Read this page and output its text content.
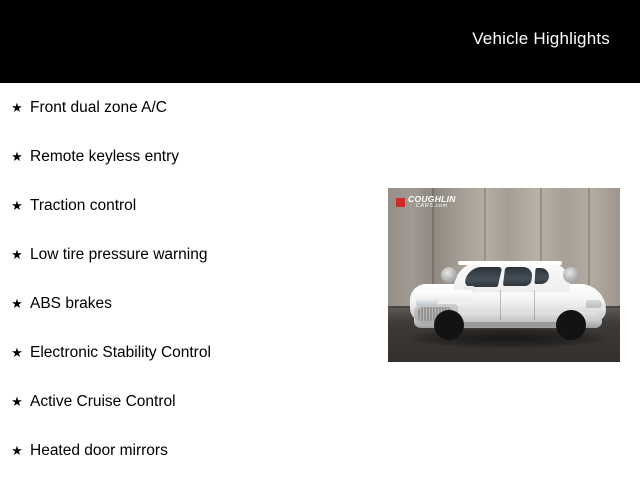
Vehicle Highlights
★ Front dual zone A/C
★ Remote keyless entry
★ Traction control
★ Low tire pressure warning
★ ABS brakes
★ Electronic Stability Control
★ Active Cruise Control
★ Heated door mirrors
COUGHLIN
CARS.com
